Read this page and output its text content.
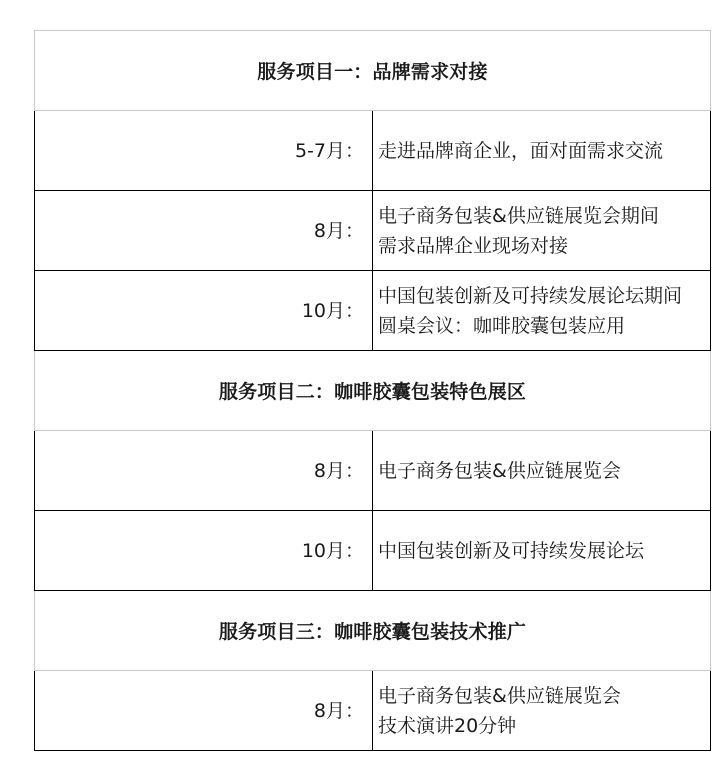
服务项目一：品牌需求对接	
5-7月：	走进品牌商企业，面对面需求交流

8月：	电子商务包装&供应链展览会期间
需求品牌企业现场对接

10月：	中国包装创新及可持续发展论坛期间
圆桌会议：咖啡胶囊包装应用

服务项目二：咖啡胶囊包装特色展区	
8月：	电子商务包装&供应链展览会

10月：	中国包装创新及可持续发展论坛

服务项目三：咖啡胶囊包装技术推广	
8月：	电子商务包装&供应链展览会
技术演讲20分钟
